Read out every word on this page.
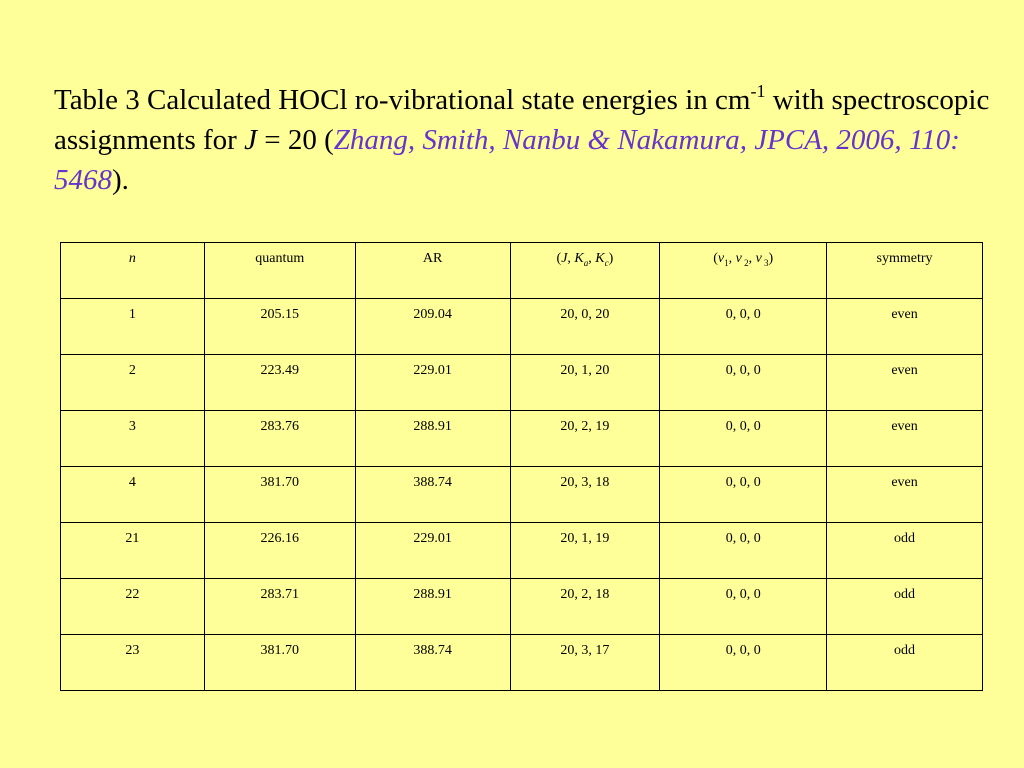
Table 3 Calculated HOCl ro-vibrational state energies in $cm^{-1}$ with spectroscopic assignments for J = 20 (Zhang, Smith, Nanbu & Nakamura, JPCA, 2006, 110: 5468).
n	quantum	AR	(J, $K_a$, $K_c$)	($v_1$, v $_2$, v $_3$)	symmetry
1	205.15	209.04	20, 0, 20	0, 0, 0	even
2	223.49	229.01	20, 1, 20	0, 0, 0	even
3	283.76	288.91	20, 2, 19	0, 0, 0	even
4	381.70	388.74	20, 3, 18	0, 0, 0	even
21	226.16	229.01	20, 1, 19	0, 0, 0	odd
22	283.71	288.91	20, 2, 18	0, 0, 0	odd
23	381.70	388.74	20, 3, 17	0, 0, 0	odd
